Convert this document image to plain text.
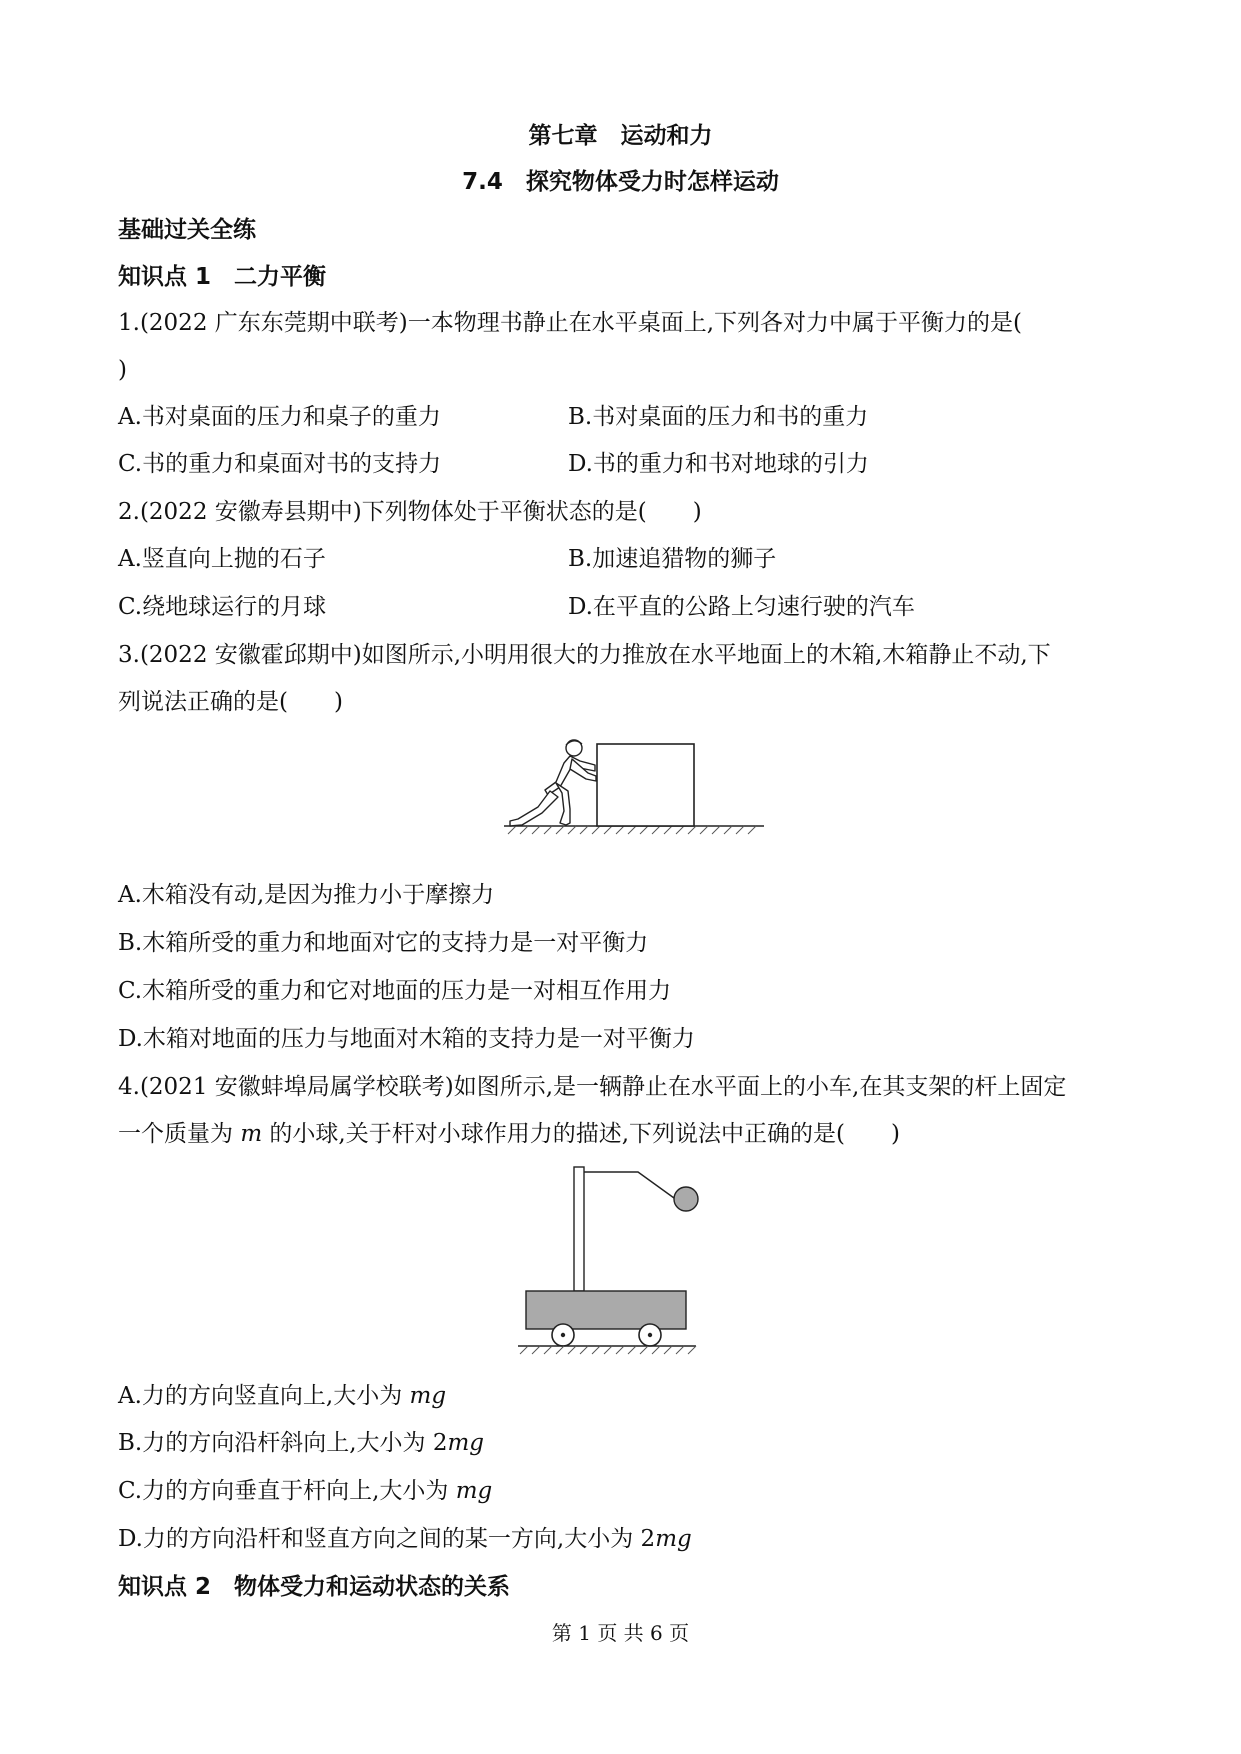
第七章　运动和力
7.4　探究物体受力时怎样运动
基础过关全练
知识点 1　二力平衡
1.(2022 广东东莞期中联考)一本物理书静止在水平桌面上,下列各对力中属于平衡力的是(
)
A.书对桌面的压力和桌子的重力	B.书对桌面的压力和书的重力
C.书的重力和桌面对书的支持力	D.书的重力和书对地球的引力
2.(2022 安徽寿县期中)下列物体处于平衡状态的是(　　)
A.竖直向上抛的石子	B.加速追猎物的狮子
C.绕地球运行的月球	D.在平直的公路上匀速行驶的汽车
3.(2022 安徽霍邱期中)如图所示,小明用很大的力推放在水平地面上的木箱,木箱静止不动,下
列说法正确的是(　　)
A.木箱没有动,是因为推力小于摩擦力
B.木箱所受的重力和地面对它的支持力是一对平衡力
C.木箱所受的重力和它对地面的压力是一对相互作用力
D.木箱对地面的压力与地面对木箱的支持力是一对平衡力
4.(2021 安徽蚌埠局属学校联考)如图所示,是一辆静止在水平面上的小车,在其支架的杆上固定
一个质量为 m 的小球,关于杆对小球作用力的描述,下列说法中正确的是(　　)
A.力的方向竖直向上,大小为 mg
B.力的方向沿杆斜向上,大小为 2mg
C.力的方向垂直于杆向上,大小为 mg
D.力的方向沿杆和竖直方向之间的某一方向,大小为 2mg
知识点 2　物体受力和运动状态的关系
第 1 页 共 6 页
